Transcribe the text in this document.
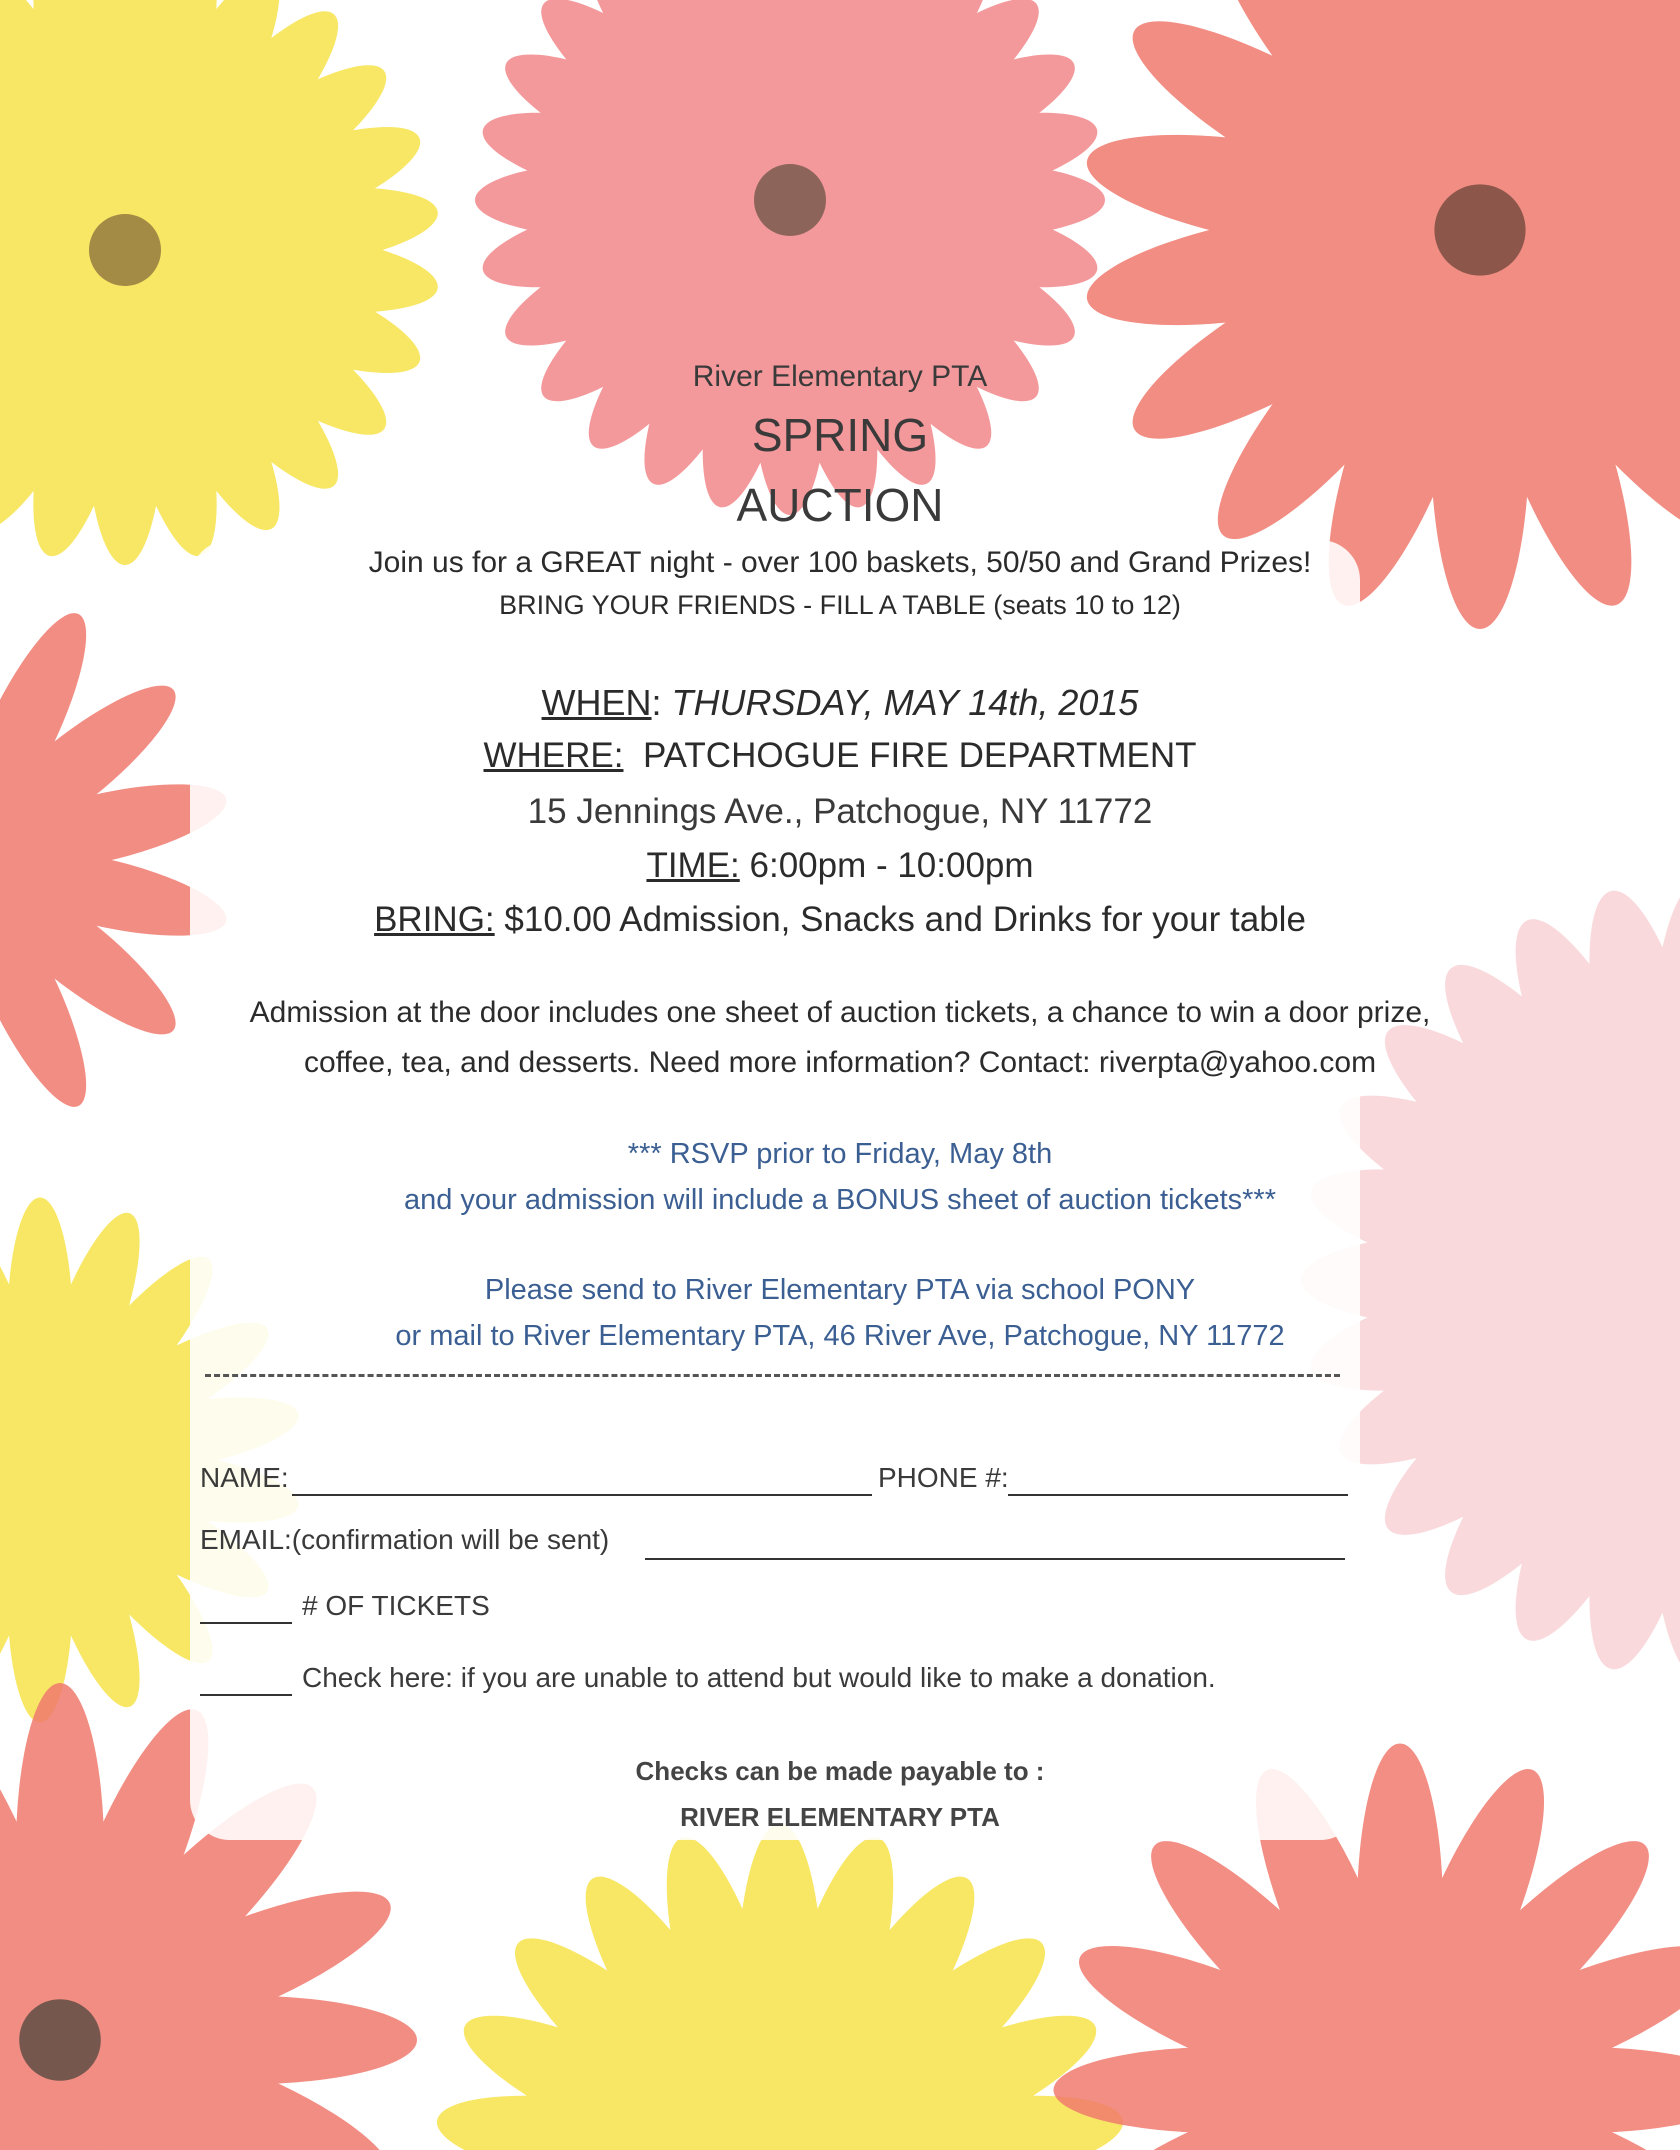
River Elementary PTA
SPRING
AUCTION
Join us for a GREAT night - over 100 baskets, 50/50 and Grand Prizes!
BRING YOUR FRIENDS - FILL A TABLE (seats 10 to 12)
WHEN: THURSDAY, MAY 14th, 2015
WHERE: PATCHOGUE FIRE DEPARTMENT
15 Jennings Ave., Patchogue, NY 11772
TIME: 6:00pm - 10:00pm
BRING: $10.00 Admission, Snacks and Drinks for your table
Admission at the door includes one sheet of auction tickets, a chance to win a door prize,
coffee, tea, and desserts. Need more information? Contact: riverpta@yahoo.com
*** RSVP prior to Friday, May 8th
and your admission will include a BONUS sheet of auction tickets***
Please send to River Elementary PTA via school PONY
or mail to River Elementary PTA, 46 River Ave, Patchogue, NY 11772
NAME:	PHONE #:
EMAIL:(confirmation will be sent)
# OF TICKETS
Check here: if you are unable to attend but would like to make a donation.
Checks can be made payable to :
RIVER ELEMENTARY PTA
